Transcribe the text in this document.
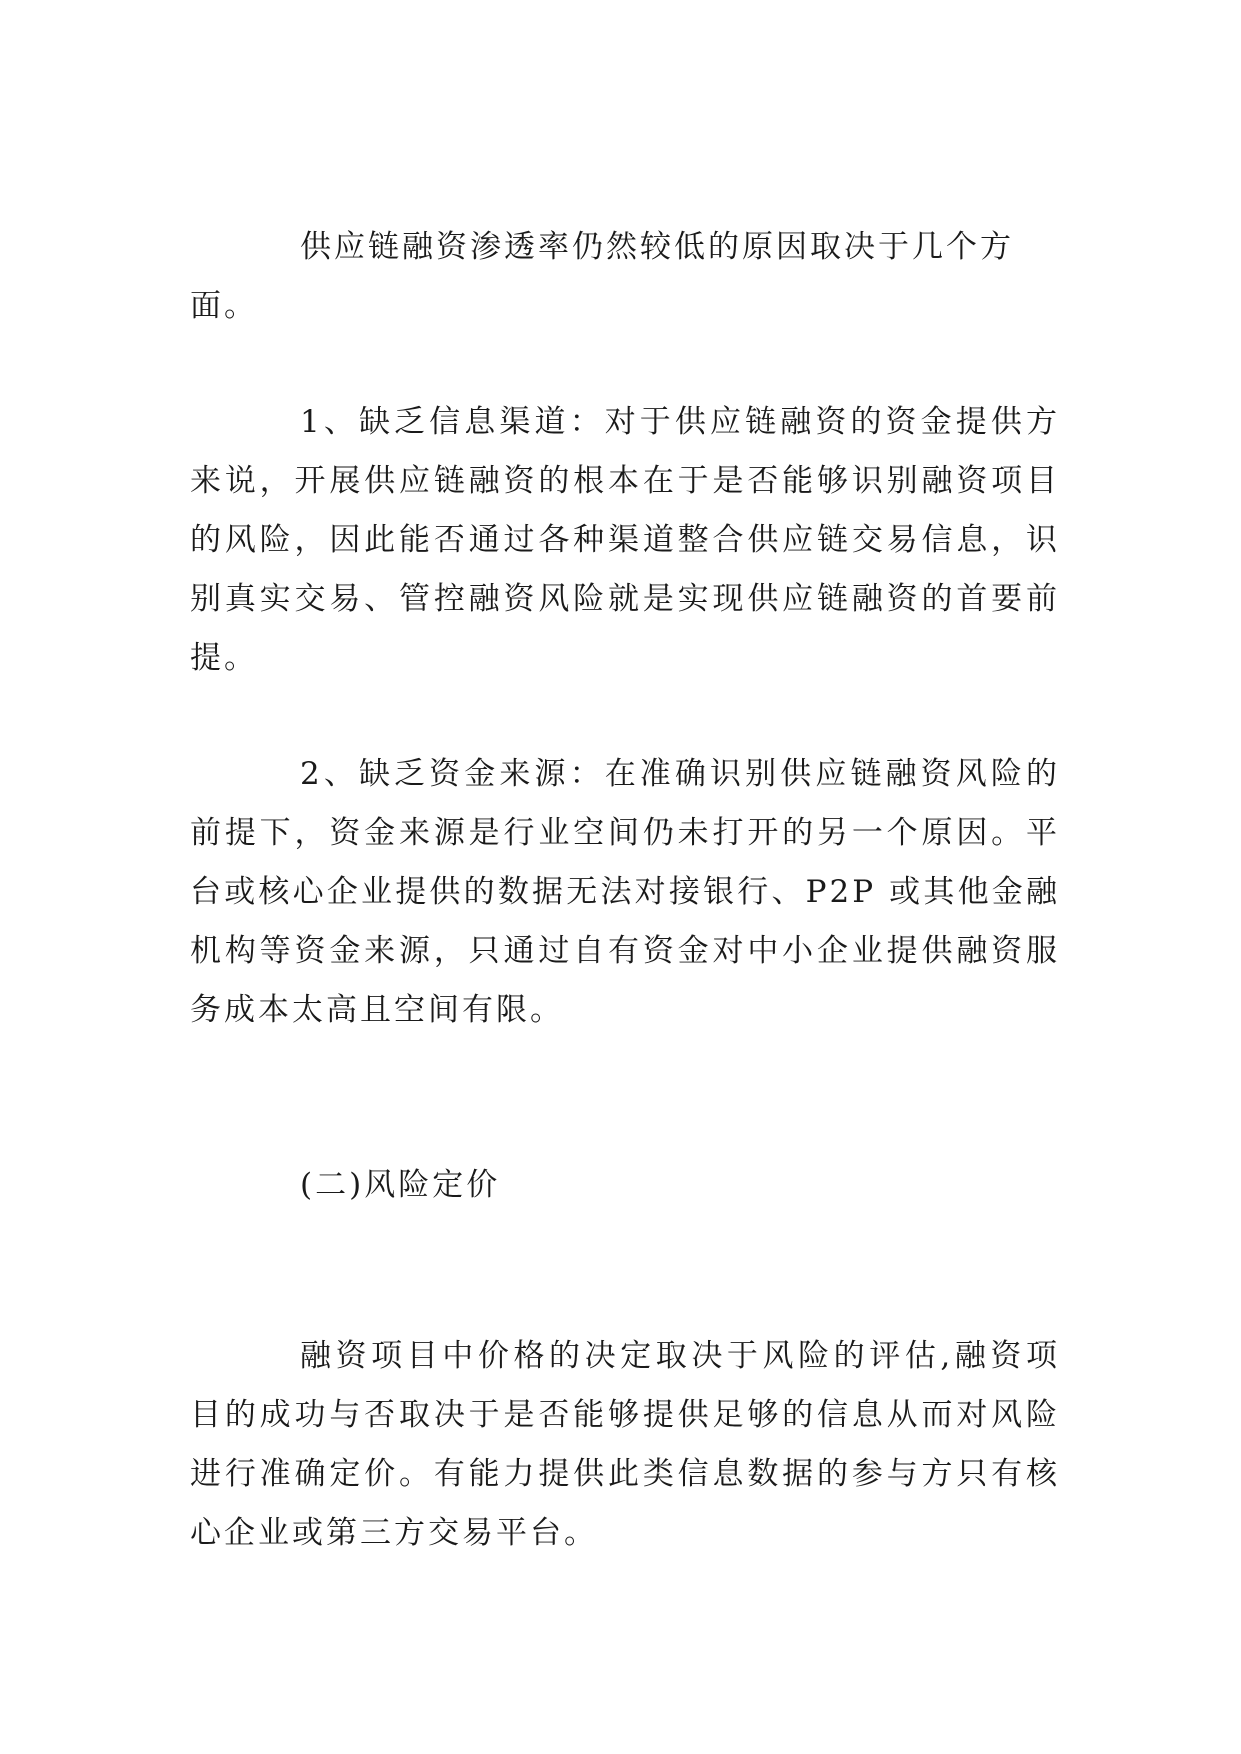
供应链融资渗透率仍然较低的原因取决于几个方面。

1、缺乏信息渠道：对于供应链融资的资金提供方来说，开展供应链融资的根本在于是否能够识别融资项目的风险，因此能否通过各种渠道整合供应链交易信息，识别真实交易、管控融资风险就是实现供应链融资的首要前提。

2、缺乏资金来源：在准确识别供应链融资风险的前提下，资金来源是行业空间仍未打开的另一个原因。平台或核心企业提供的数据无法对接银行、P2P 或其他金融机构等资金来源，只通过自有资金对中小企业提供融资服务成本太高且空间有限。

(二)风险定价

融资项目中价格的决定取决于风险的评估,融资项目的成功与否取决于是否能够提供足够的信息从而对风险进行准确定价。有能力提供此类信息数据的参与方只有核心企业或第三方交易平台。
